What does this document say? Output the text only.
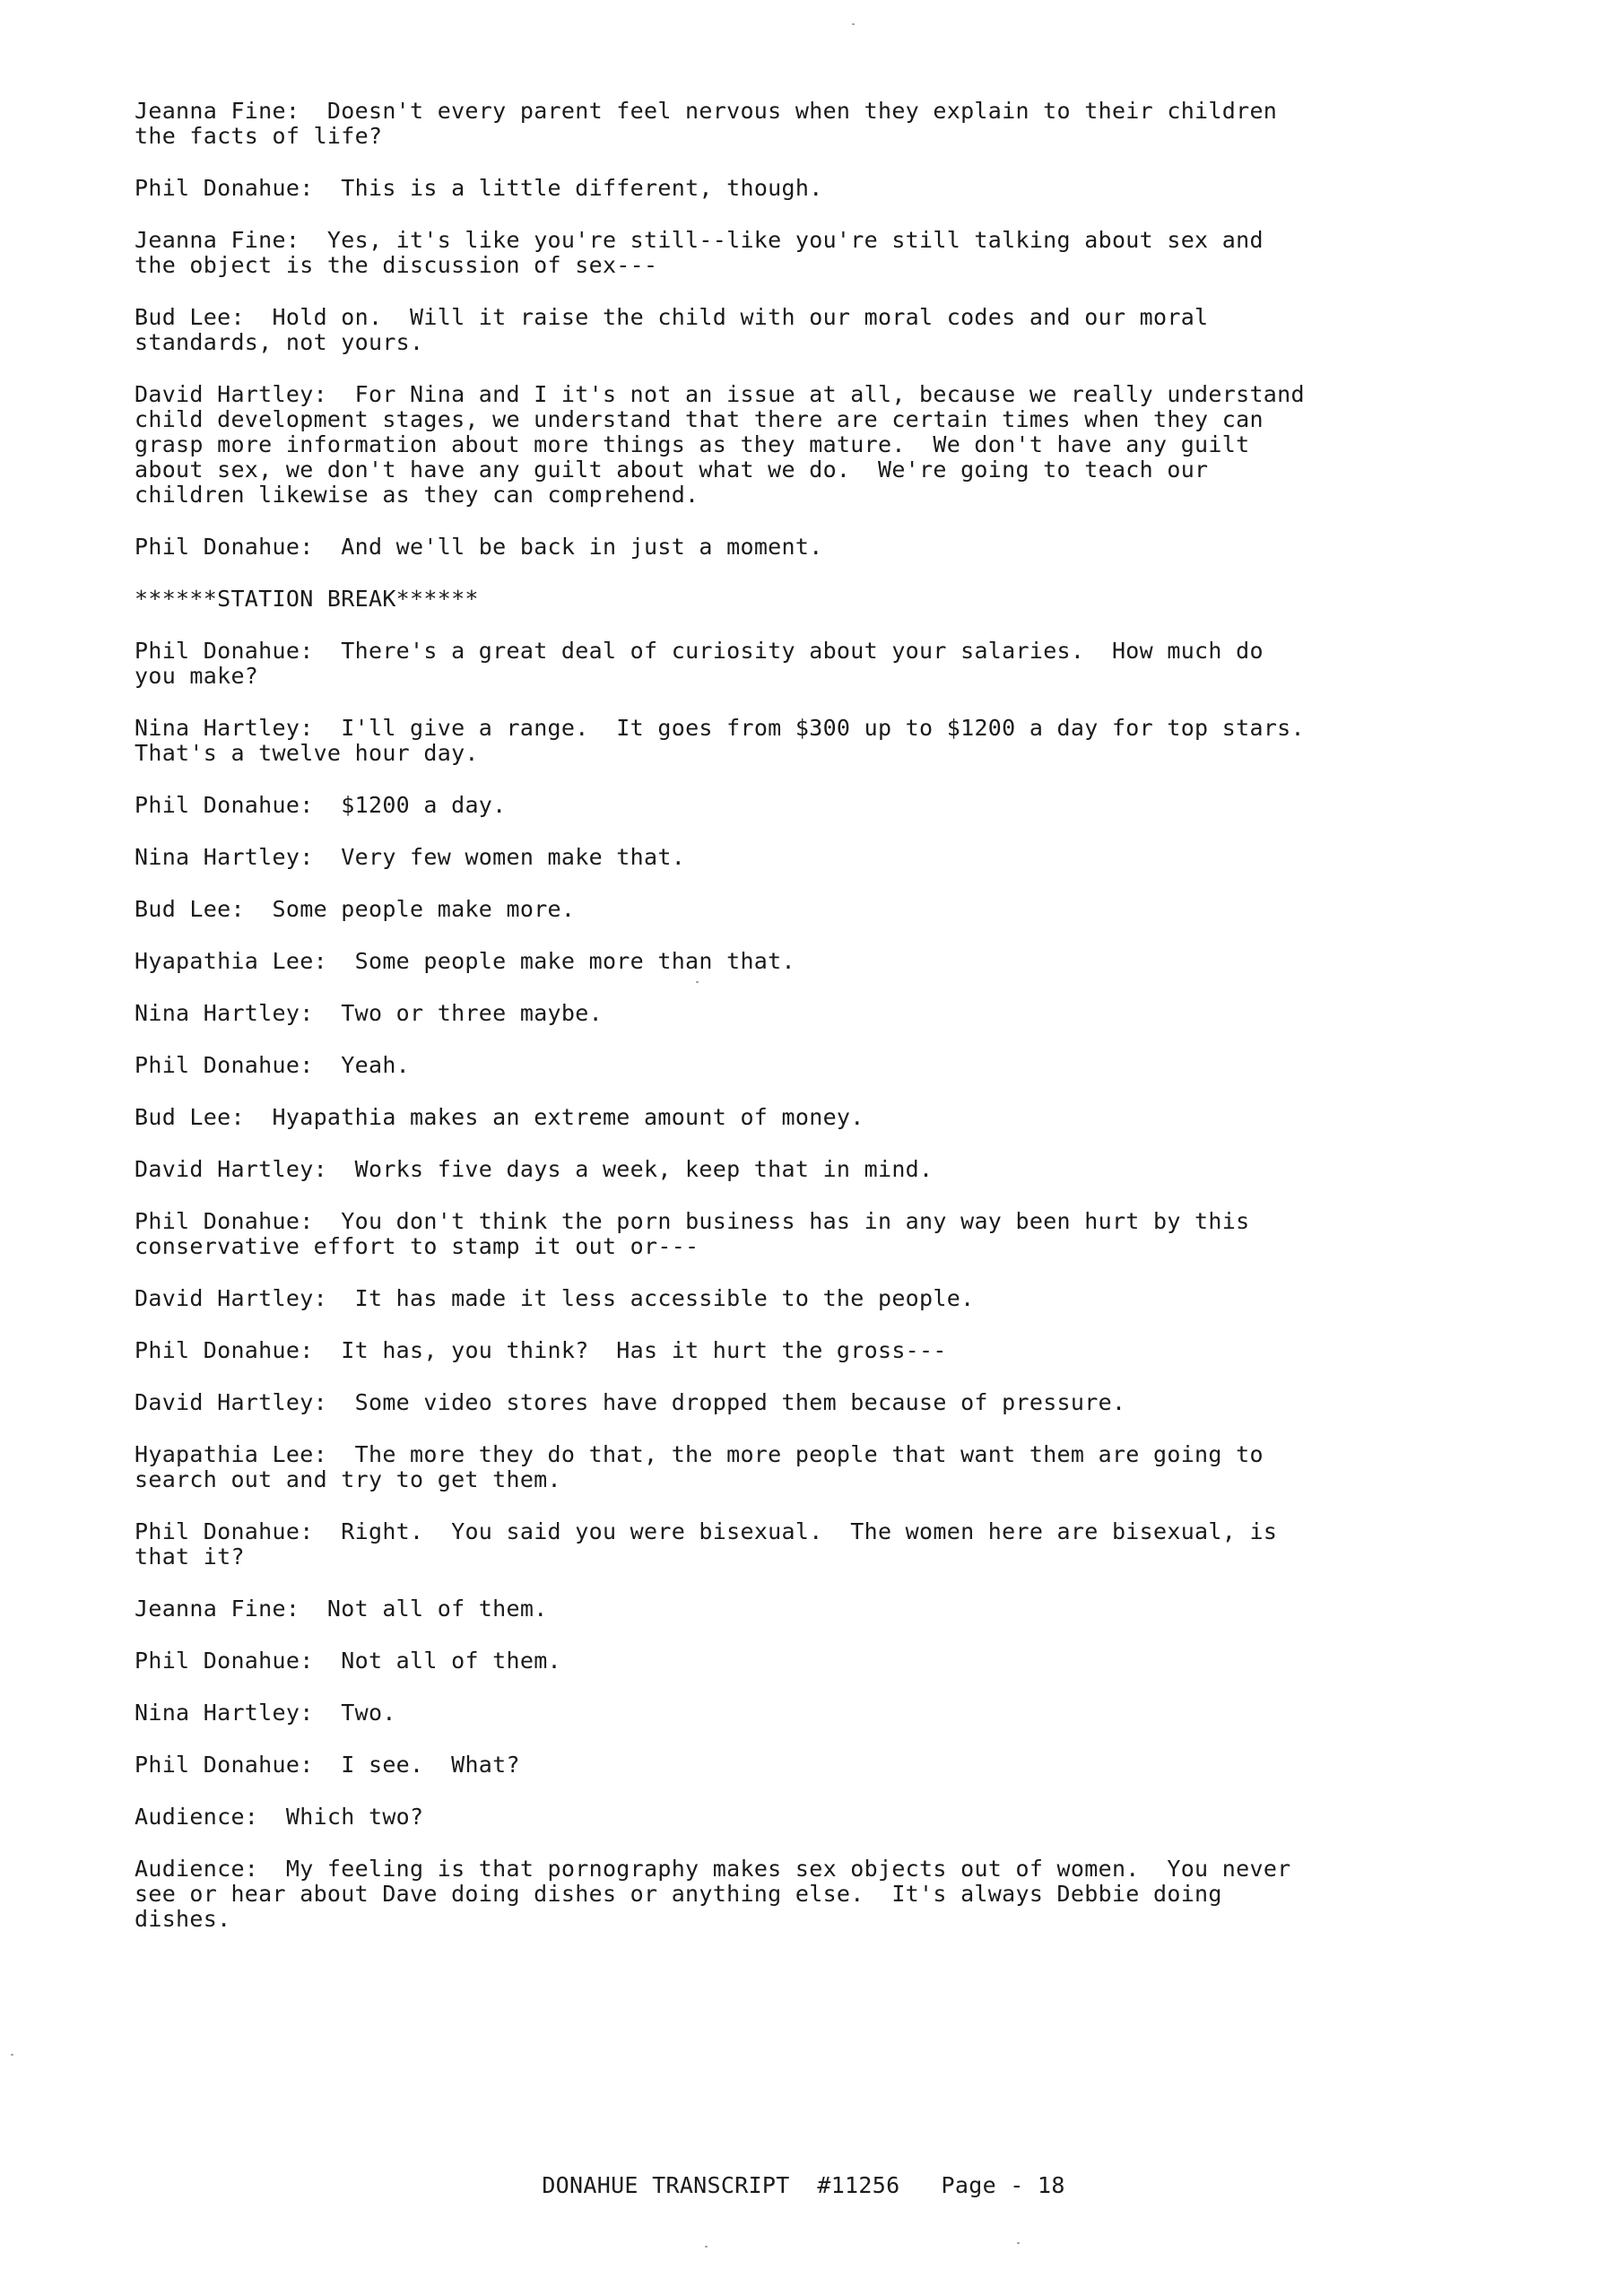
Jeanna Fine: Doesn't every parent feel nervous when they explain to their children
the facts of life?
Phil Donahue: This is a little different, though.
Jeanna Fine: Yes, it's like you're still--like you're still talking about sex and
the object is the discussion of sex---
Bud Lee: Hold on.  Will it raise the child with our moral codes and our moral
standards, not yours.
David Hartley: For Nina and I it's not an issue at all, because we really understand
child development stages, we understand that there are certain times when they can
grasp more information about more things as they mature.  We don't have any guilt
about sex, we don't have any guilt about what we do.  We're going to teach our
children likewise as they can comprehend.
Phil Donahue: And we'll be back in just a moment.
******STATION BREAK******
Phil Donahue: There's a great deal of curiosity about your salaries.  How much do
you make?
Nina Hartley: I'll give a range.  It goes from $300 up to $1200 a day for top stars.
That's a twelve hour day.
Phil Donahue: $1200 a day.
Nina Hartley: Very few women make that.
Bud Lee: Some people make more.
Hyapathia Lee: Some people make more than that.
Nina Hartley: Two or three maybe.
Phil Donahue: Yeah.
Bud Lee: Hyapathia makes an extreme amount of money.
David Hartley: Works five days a week, keep that in mind.
Phil Donahue: You don't think the porn business has in any way been hurt by this
conservative effort to stamp it out or---
David Hartley: It has made it less accessible to the people.
Phil Donahue: It has, you think?  Has it hurt the gross---
David Hartley: Some video stores have dropped them because of pressure.
Hyapathia Lee: The more they do that, the more people that want them are going to
search out and try to get them.
Phil Donahue: Right.  You said you were bisexual.  The women here are bisexual, is
that it?
Jeanna Fine: Not all of them.
Phil Donahue: Not all of them.
Nina Hartley: Two.
Phil Donahue: I see.  What?
Audience: Which two?
Audience: My feeling is that pornography makes sex objects out of women.  You never
see or hear about Dave doing dishes or anything else.  It's always Debbie doing
dishes.
DONAHUE TRANSCRIPT #11256 Page - 18
